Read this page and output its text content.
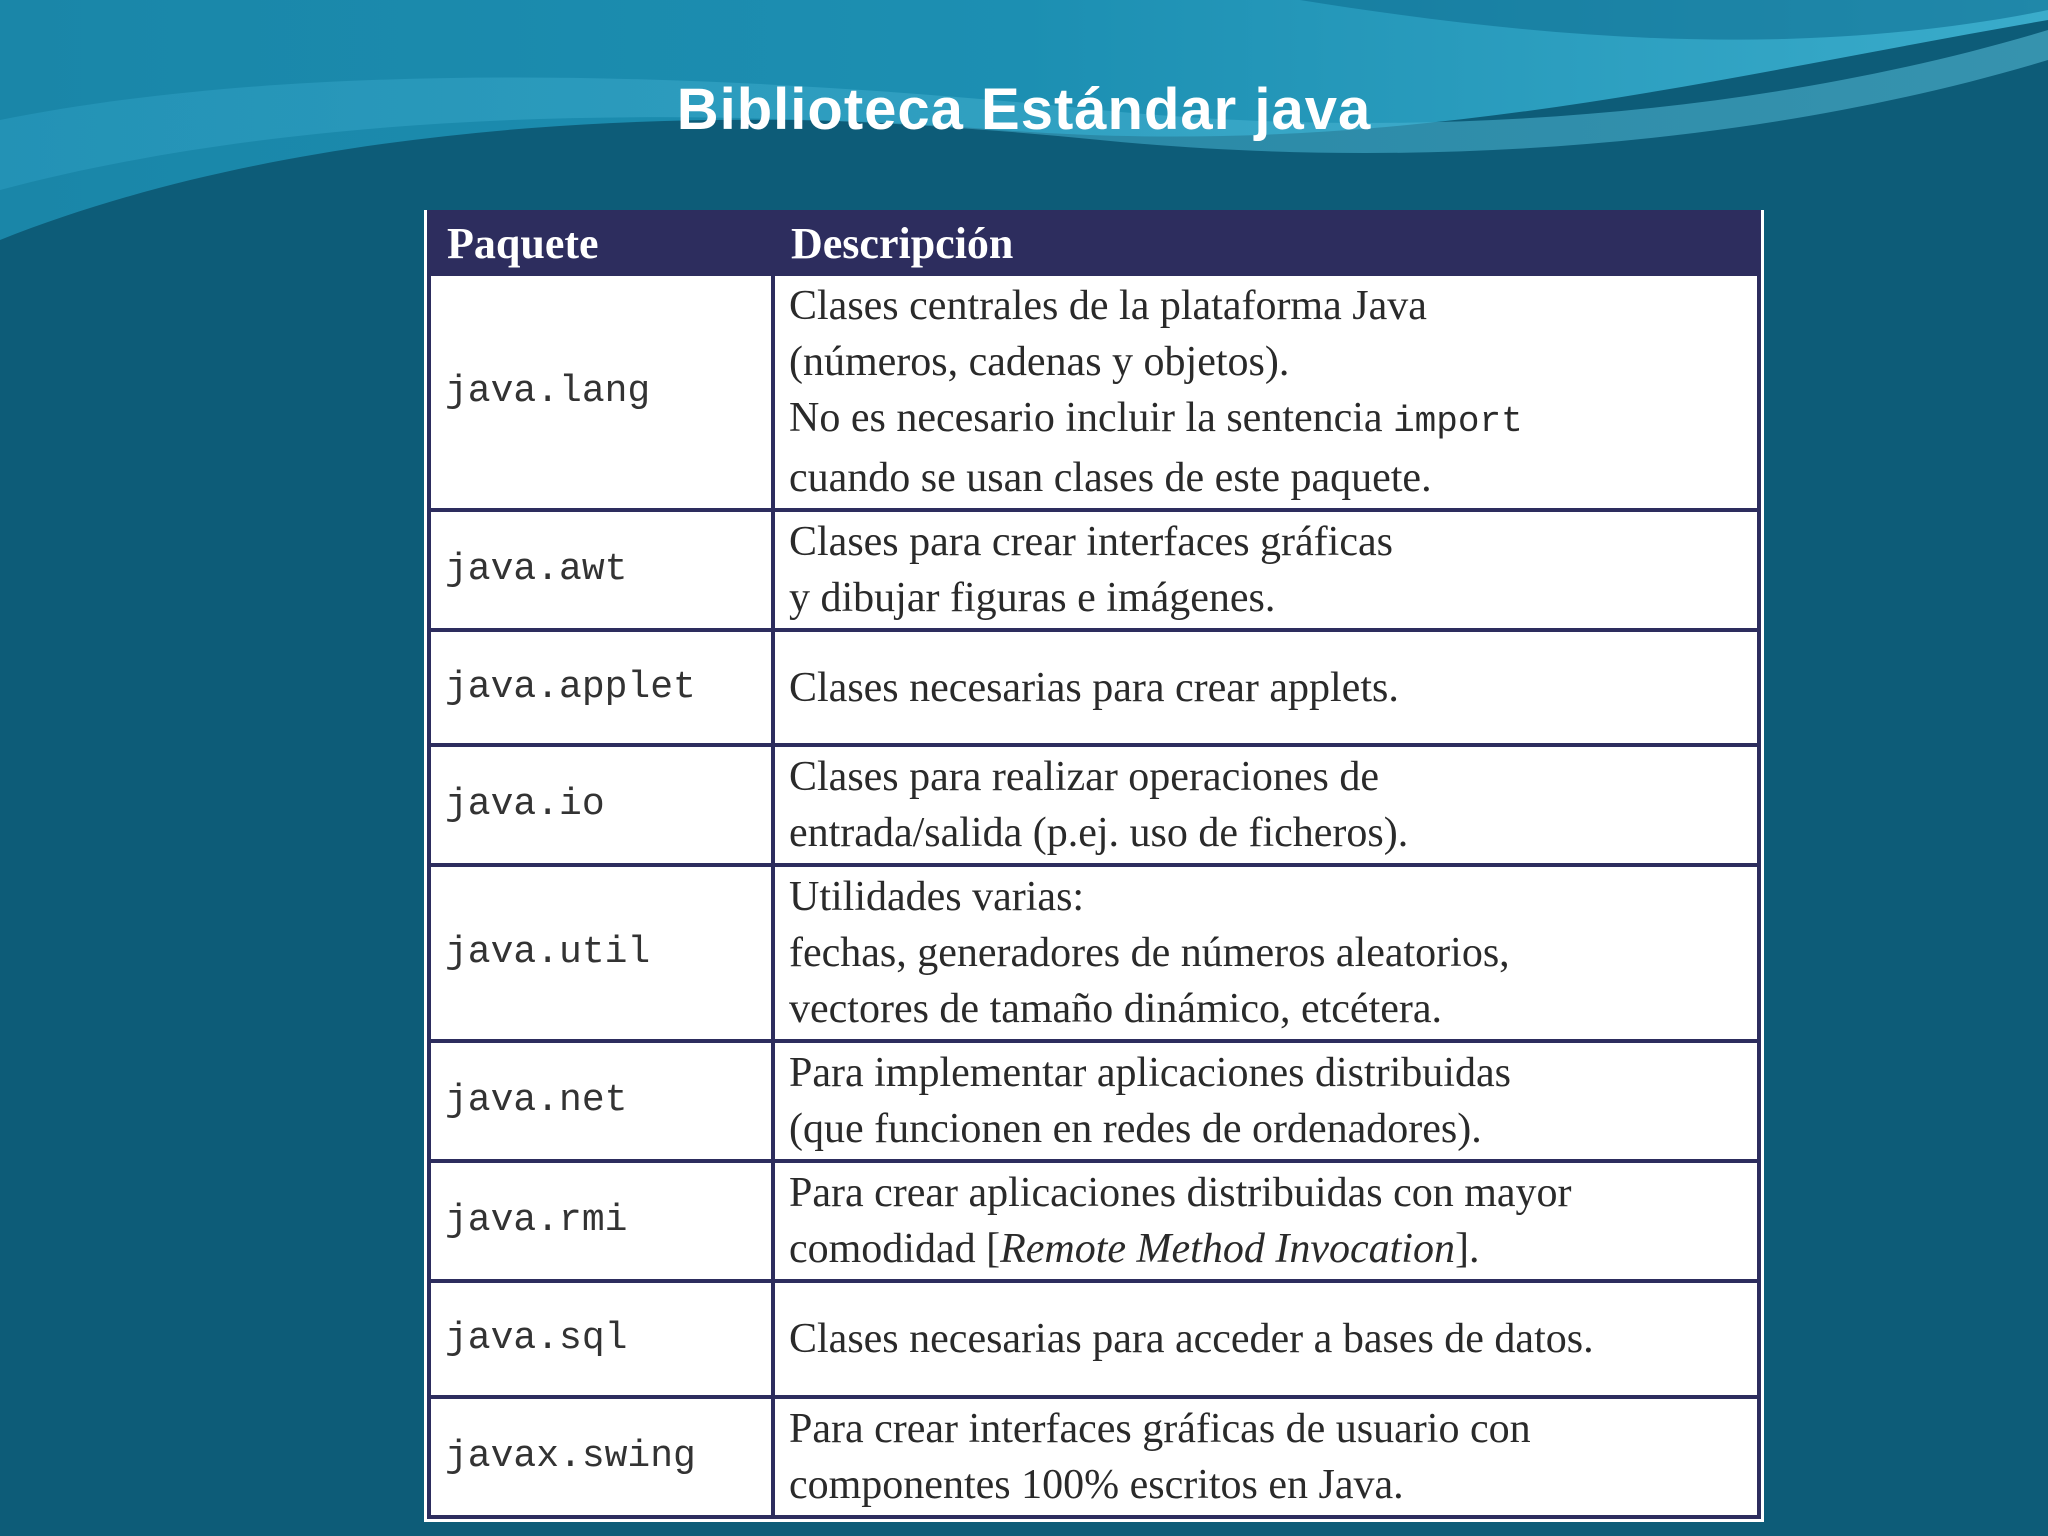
Biblioteca Estándar java
Paquete	Descripción
java.lang	Clases centrales de la plataforma Java
(números, cadenas y objetos).
No es necesario incluir la sentencia import
cuando se usan clases de este paquete.

java.awt	Clases para crear interfaces gráficas
y dibujar figuras e imágenes.

java.applet	Clases necesarias para crear applets.

java.io	Clases para realizar operaciones de
entrada/salida (p.ej. uso de ficheros).

java.util	Utilidades varias:
fechas, generadores de números aleatorios,
vectores de tamaño dinámico, etcétera.

java.net	Para implementar aplicaciones distribuidas
(que funcionen en redes de ordenadores).

java.rmi	Para crear aplicaciones distribuidas con mayor
comodidad [Remote Method Invocation].

java.sql	Clases necesarias para acceder a bases de datos.

javax.swing	Para crear interfaces gráficas de usuario con
componentes 100% escritos en Java.
